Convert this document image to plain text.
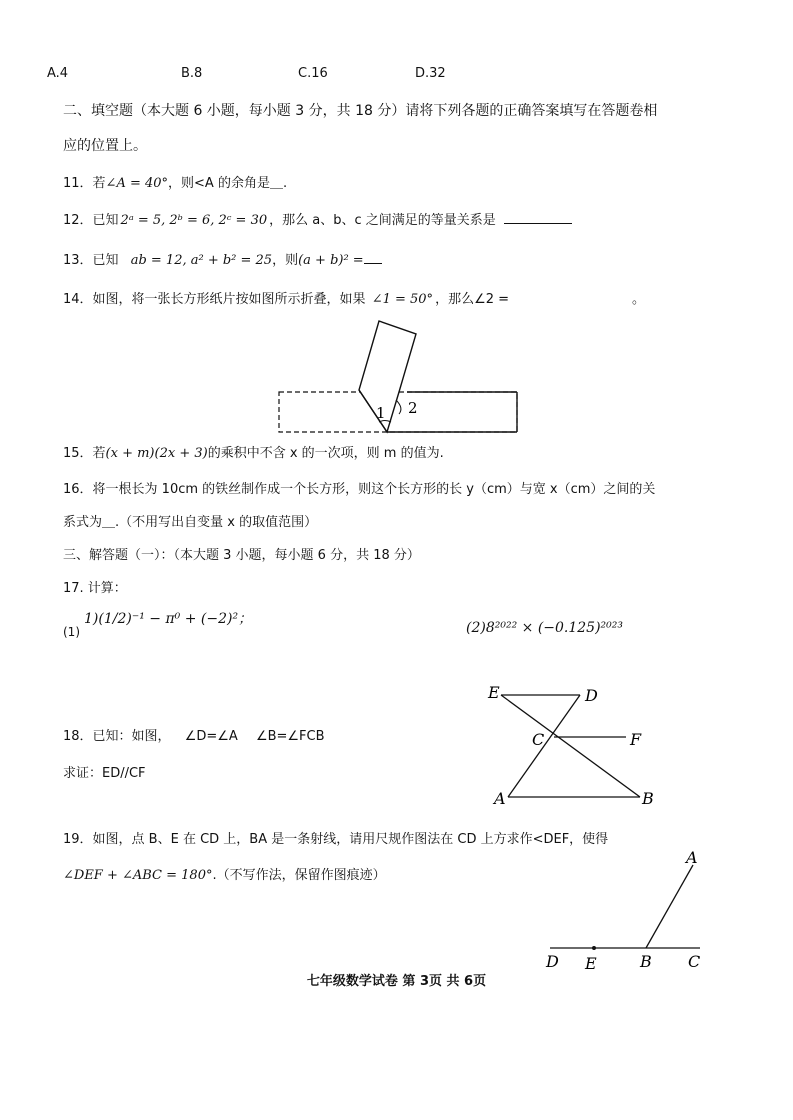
A.4	B.8	C.16	D.32
二、填空题（本大题 6 小题，每小题 3 分，共 18 分）请将下列各题的正确答案填写在答题卷相
应的位置上。
11．若∠A = 40°，则<A 的余角是＿.
12．已知 2ᵃ = 5, 2ᵇ = 6, 2ᶜ = 30 ，那么 a、b、c 之间满足的等量关系是
13．已知 ab = 12, a² + b² = 25，则(a + b)² =
14．如图，将一张长方形纸片按如图所示折叠，如果 ∠1 = 50° ，那么∠2 =	。
1 2
15．若(x + m)(2x + 3)的乘积中不含 x 的一次项，则 m 的值为.
16．将一根长为 10cm 的铁丝制作成一个长方形，则这个长方形的长 y（cm）与宽 x（cm）之间的关
系式为＿.（不用写出自变量 x 的取值范围）
三、解答题（一）：（本大题 3 小题，每小题 6 分，共 18 分）
17. 计算：
(1)
1)(1/2)⁻¹ − π⁰ + (−2)²；
(2)8²⁰²² × (−0.125)²⁰²³
18．已知：如图， ∠D=∠A ∠B=∠FCB
求证：ED//CF
E	D
C	F
A	B
19．如图，点 B、E 在 CD 上，BA 是一条射线，请用尺规作图法在 CD 上方求作<DEF，使得
∠DEF + ∠ABC = 180°.（不写作法，保留作图痕迹）
A
D E	B C
七年级数学试卷 第 3页 共 6页
